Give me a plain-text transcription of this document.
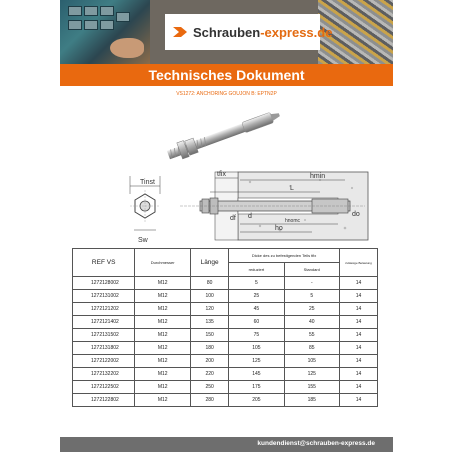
Schrauben-express.de
Technisches Dokument
VS1272: ANCHORING GOUJON B: EPTN2P
Tinst
Sw
tfix
L
hmin
hnomc
ho
d
df
do
REF VS	Durchmesser	Länge	Dicke des zu befestigenden Teils tfix		zulässige Belastung
			reduziert	Standard	
1272128002	M12	80	5	-	14
1272131002	M12	100	25	5	14
1272121202	M12	120	45	25	14
1272121402	M12	135	60	40	14
1272131502	M12	150	75	55	14
1272131802	M12	180	105	85	14
1272122002	M12	200	125	105	14
1272132202	M12	220	145	125	14
1272122502	M12	250	175	155	14
1272122802	M12	280	205	185	14
kundendienst@schrauben-express.de
